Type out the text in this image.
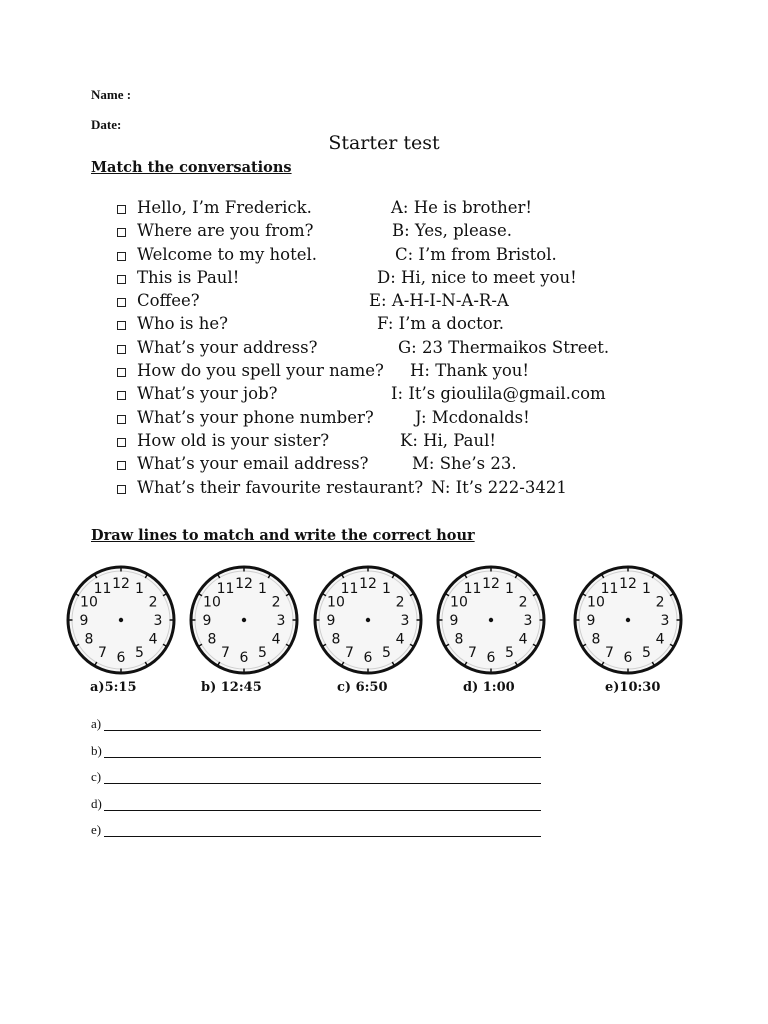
Name :
Date:
Starter test
Match the conversations
Hello, I’m Frederick.	A: He is brother!
Where are you from?	B: Yes, please.
Welcome to my hotel.	C: I’m from Bristol.
This is Paul!	D: Hi, nice to meet you!
Coffee?	E: A-H-I-N-A-R-A
Who is he?	F: I’m a doctor.
What’s your address?	G: 23 Thermaikos Street.
How do you spell your name? H: Thank you!
What’s your job?	I: It’s gioulila@gmail.com
What’s your phone number?	J: Mcdonalds!
How old is your sister?	K: Hi, Paul!
What’s your email address?	M: She’s 23.
What’s their favourite restaurant? N: It’s 222-3421
Draw lines to match and write the correct hour
12 1
2
3
4
5
6
7
8
9
10
11	12 1
2
3
4
5
6
7
8
9
10
11	12 1
2
3
4
5
6
7
8
9
10
11	12 1
2
3
4
5
6
7
8
9
10
11	12 1
2
3
4
5
6
7
8
9
10
11
a)5:15	b) 12:45	c) 6:50	d) 1:00	e)10:30
a)
b)
c)
d)
e)
